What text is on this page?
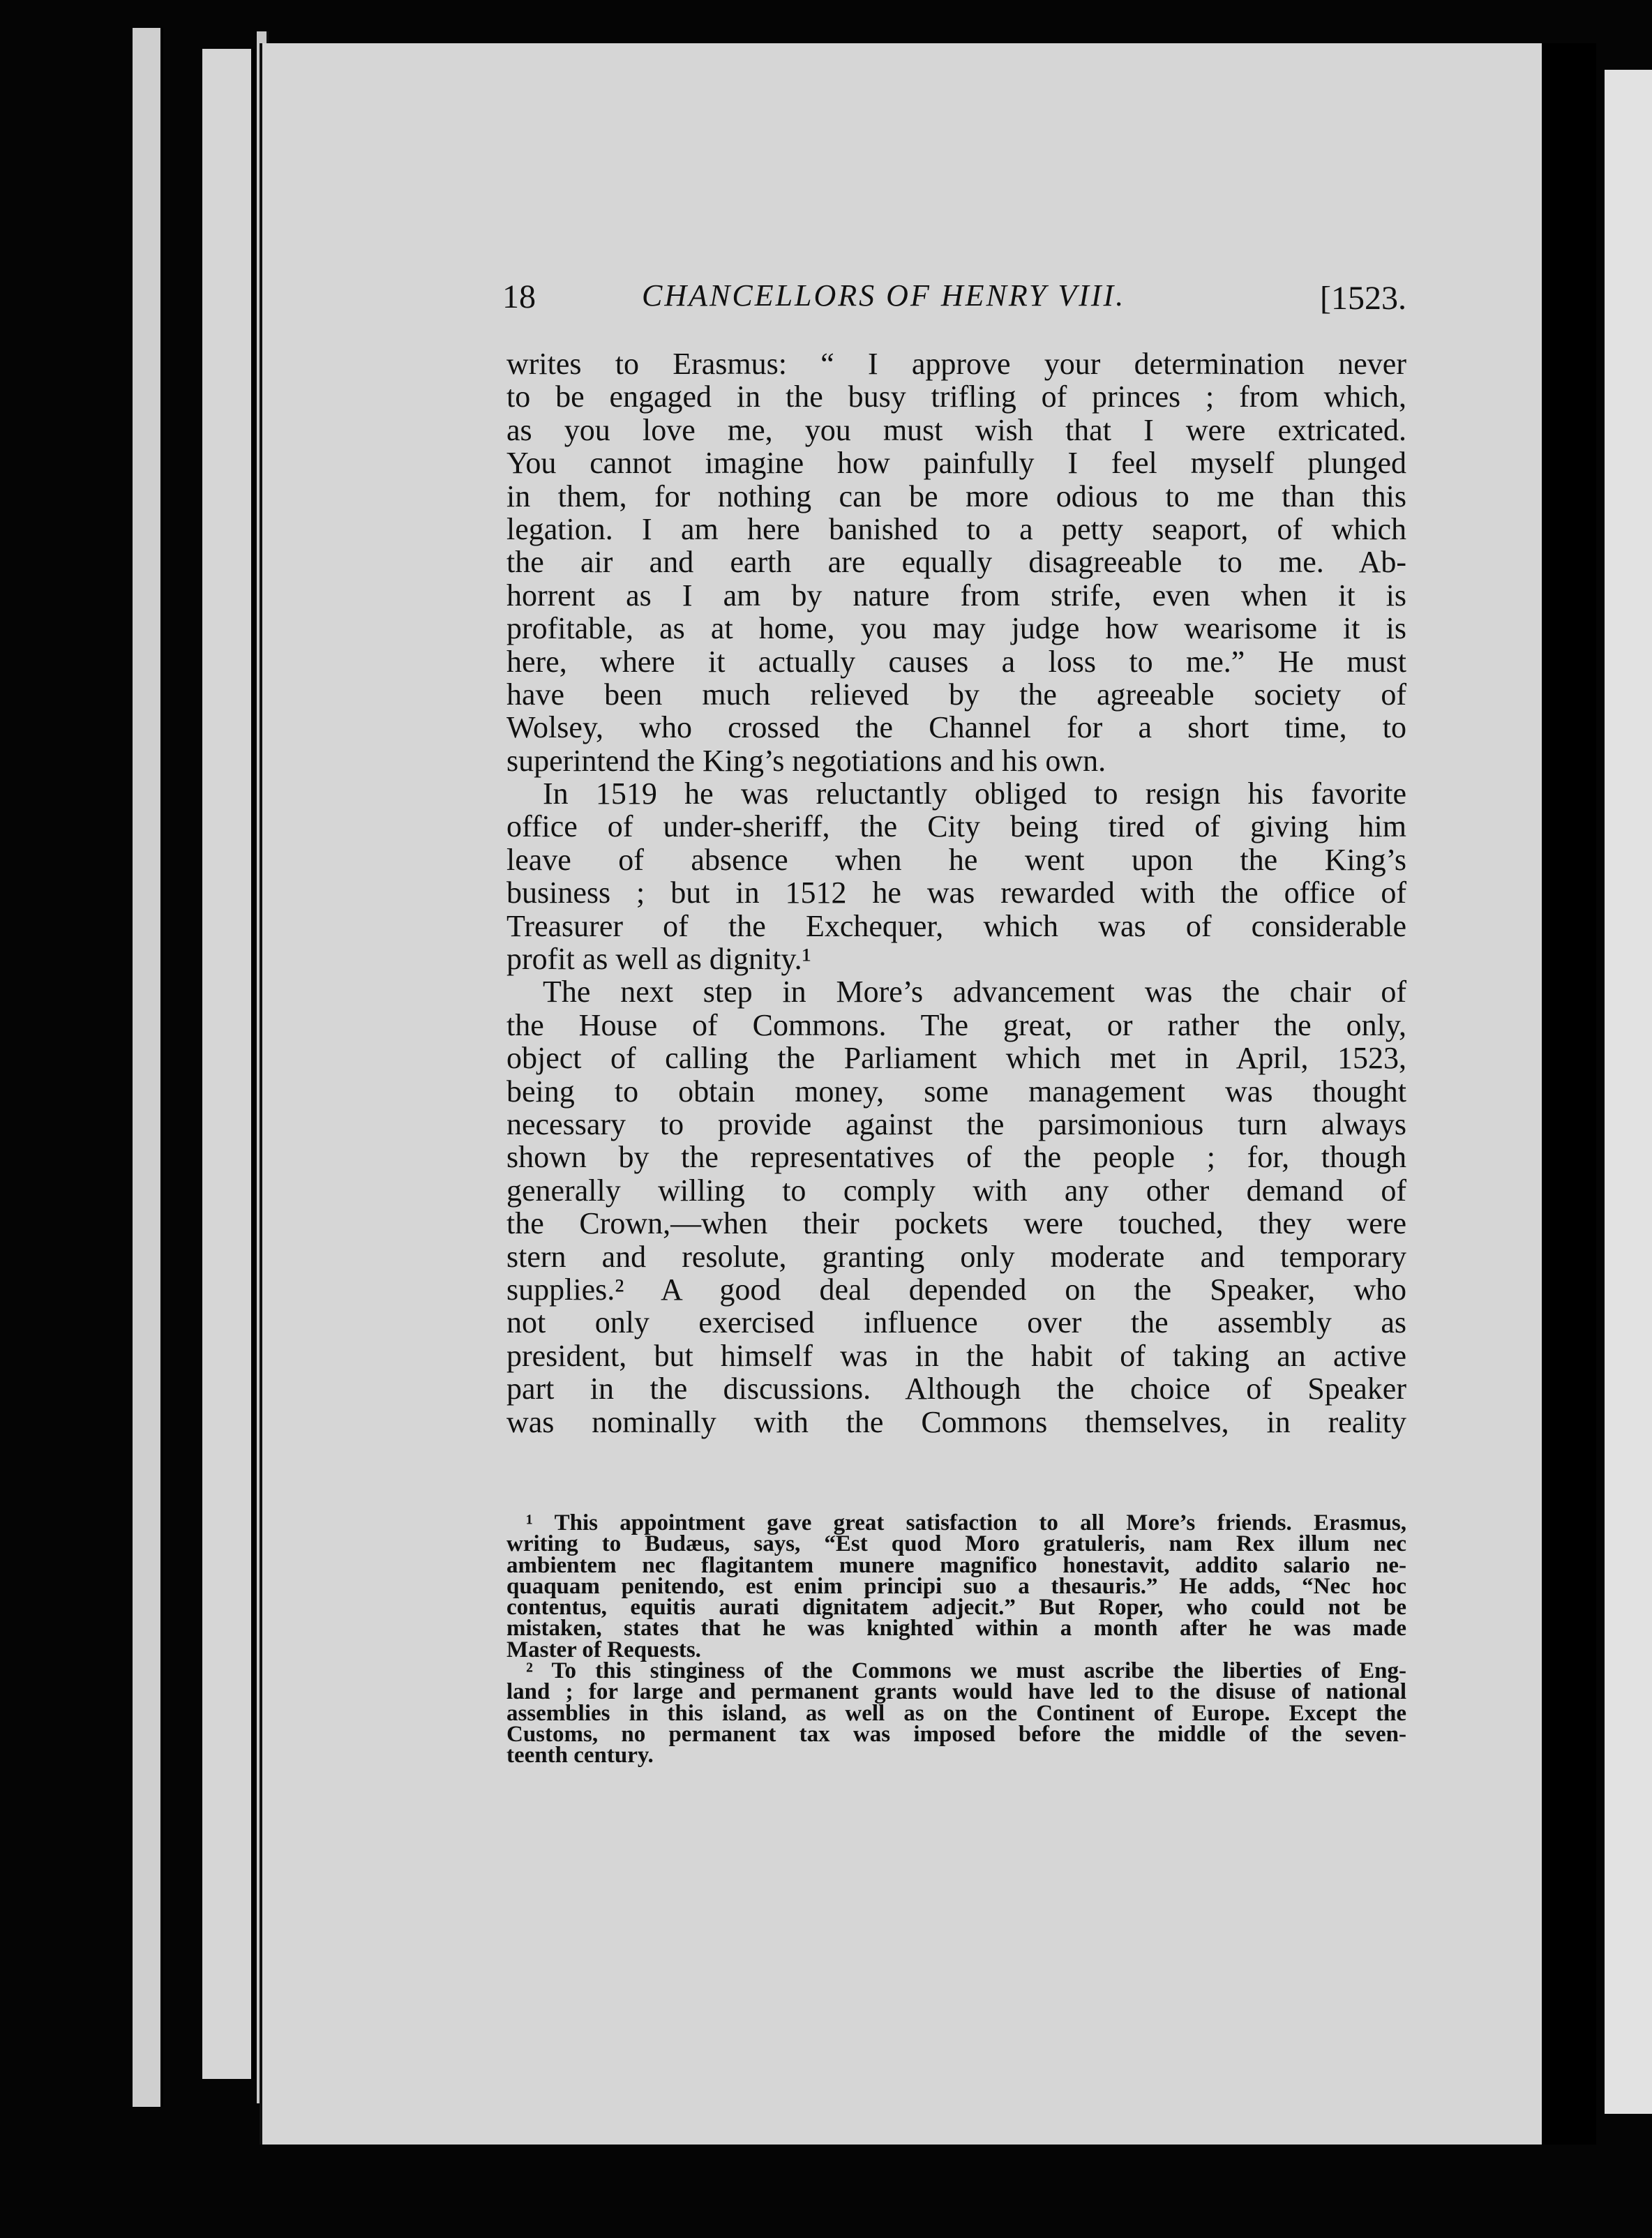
18	CHANCELLORS OF HENRY VIII.	[1523.
writes to Erasmus: “ I approve your determination never
to be engaged in the busy trifling of princes ; from which,
as you love me, you must wish that I were extricated.
You cannot imagine how painfully I feel myself plunged
in them, for nothing can be more odious to me than this
legation. I am here banished to a petty seaport, of which
the air and earth are equally disagreeable to me. Ab-
horrent as I am by nature from strife, even when it is
profitable, as at home, you may judge how wearisome it is
here, where it actually causes a loss to me.” He must
have been much relieved by the agreeable society of
Wolsey, who crossed the Channel for a short time, to
superintend the King’s negotiations and his own.
In 1519 he was reluctantly obliged to resign his favorite
office of under-sheriff, the City being tired of giving him
leave of absence when he went upon the King’s
business ; but in 1512 he was rewarded with the office of
Treasurer of the Exchequer, which was of considerable
profit as well as dignity.¹
The next step in More’s advancement was the chair of
the House of Commons. The great, or rather the only,
object of calling the Parliament which met in April, 1523,
being to obtain money, some management was thought
necessary to provide against the parsimonious turn always
shown by the representatives of the people ; for, though
generally willing to comply with any other demand of
the Crown,—when their pockets were touched, they were
stern and resolute, granting only moderate and temporary
supplies.² A good deal depended on the Speaker, who
not only exercised influence over the assembly as
president, but himself was in the habit of taking an active
part in the discussions. Although the choice of Speaker
was nominally with the Commons themselves, in reality
¹ This appointment gave great satisfaction to all More’s friends. Erasmus,
writing to Budæus, says, “Est quod Moro gratuleris, nam Rex illum nec
ambientem nec flagitantem munere magnifico honestavit, addito salario ne-
quaquam penitendo, est enim principi suo a thesauris.” He adds, “Nec hoc
contentus, equitis aurati dignitatem adjecit.” But Roper, who could not be
mistaken, states that he was knighted within a month after he was made
Master of Requests.
² To this stinginess of the Commons we must ascribe the liberties of Eng-
land ; for large and permanent grants would have led to the disuse of national
assemblies in this island, as well as on the Continent of Europe. Except the
Customs, no permanent tax was imposed before the middle of the seven-
teenth century.
